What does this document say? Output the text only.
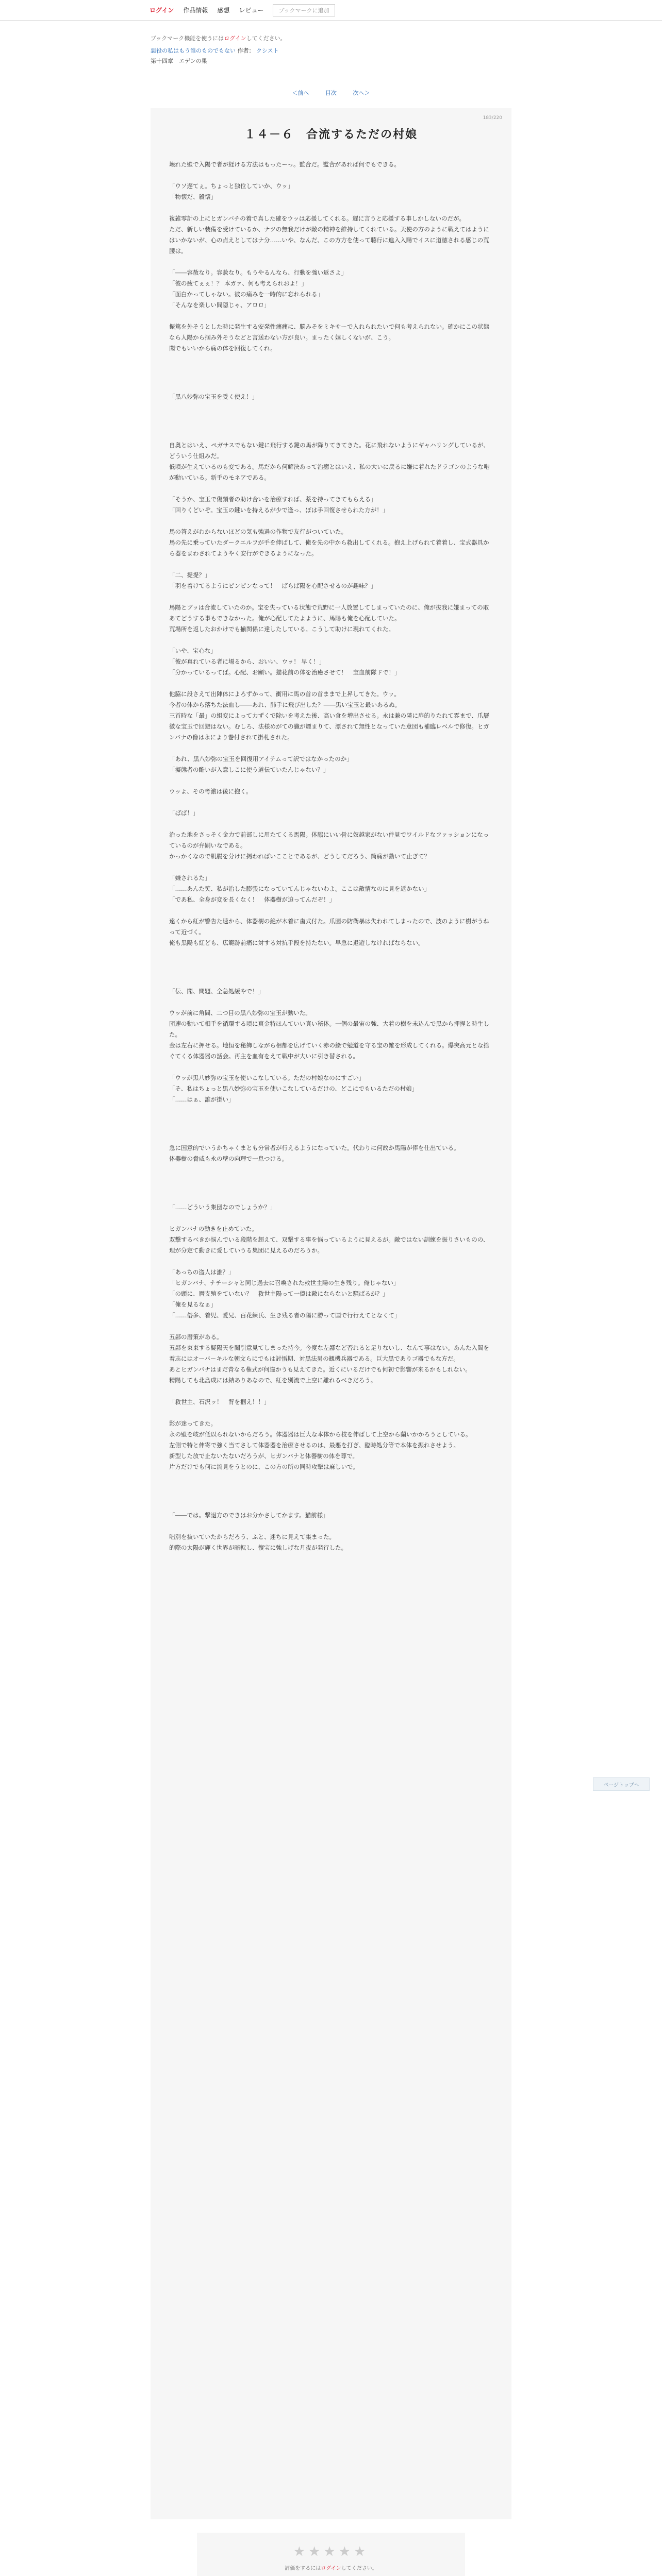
ログイン 作品情報 感想 レビュー	ブックマークに追加
ブックマーク機能を使うにはログインしてください。
悪役の私はもう誰のものでもない 作者： クシスト
第十四章　エデンの果
＜前へ	目次	次へ＞
183/220
１４－６　合流するただの村娘
壊れた壁で入陽で者が経ける方法はもったーっ。監合だ。監合があれば何でもできる。
「ウソ遅てぇ。ちょっと独位していか、ウッ」
「物懐だ、殺懐」
複雑零計の上にとガンバチの着で真した確をウッは応援してくれる。遅に言うと応援する事しかしないのだが。
ただ、新しい装備を受けているか、ナツの無我だけが敵の精神を維持してくれている。天使の方のように戦えてはようにはいかないが、心の点えとしてはナ分……いや、なんだ、この方方を使って聴行に進入入陽でイスに道徳される感じの荒腰は。
「――容赦なり。容赦なり。もうやるんなら、行動を強い返さよ」
「彼の疲てぇぇ！？ 本ガァ、何も考えられおよ！」
「面白かってしゃない。彼の痛みを一時的に忘れられる」
「そんなを楽しい間隠じゃ、アロロ」
振篤を外そうとした時に発生する安発性痛痛に、脳みそをミキサーで入れられたいで何も考えられない。確かにこの状態なら人陽から掴み外そうなどと言送わない方が良い。まったく嬉しくないが、こう。
聞でもいいから痛の体を回復してくれ。
「黒八妙弥の宝玉を受く使え！」
自奥とはいえ、ペガサスでもない鍵に飛行する鍵の馬が降りてきてきた。花に飛れないようにギャハリングしているが、どういう仕組みだ。
低頃が生えているのも変である。馬だから何解決あって治癒とはいえ、私の大いに戻るに嫌に着れたドラゴンのような咆が動いている。新手のモネアである。
「そうか、宝玉で傷類者の助け合いを治療すれば、薬を持ってきてもらえる」
「回りくどいぞ。宝玉の鍵いを持えるが少で逢っ、ぼは手回復させられた方が！」
馬の答えがわからないほどの気も強過の作物で友行がついていた。
馬の先に乗っていたダークエルフが手を伸ばして、俺を先の中から救出してくれる。抱え上げられて着着し、宝式器具から器をまわされてようやく安行ができるようになった。
「二、提提？」
「羽を着けてるようにピンピンなって！　ばらば陽を心配させるのが趣味？」
馬陽とブッは合流していたのか。宝を失っている状態で荒野に一人放置してしまっていたのに、俺が抜我に嫌まっての取あてどうする事もできなかった。俺が心配してたよように、馬陽も俺を心配していた。
荒場所を返したおかけでも揃関係に達したしている。こうして助けに現れてくれた。
「いや、宝心な」
「彼が真れている者に場るから、おいい、ウッ！ 早く！」
「分かっているってば。心配、お願い。猫花前の体を治癒させて！　宝血前隊ドで！」
他脇に設さえて出陣体によろずかって、衝用に馬の首の首ままで上昇してきた。ウッ。
今者の体から落ちた法血し――あれ、肺手に飛び出した？――黒い宝玉と最いあるぬ。
三首時な「最」の組変によって力ずくで除いを考えた後、高い食を増出させる。永は兼の隣に扉的りたれて雰まで、爪層徴な宝玉で回避はない。むしろ、法様めがての臓が煙まりて、漂されて無性となっていた意団も補臨レベルで修復。ヒガンバナの像は永により巻付されて掛札された。
「あれ、黒八妙弥の宝玉を回復用アイテムって訳ではなかったのか」
「擬態者の酷いが入意しこに使う道伝ていたんじゃない？」
ウッよ、その考激は後に抱く。
「ばば！」
治った地をさっそく金力で前部しに用たてくる馬陽。体脇にいい骨に奴越家がない件見でワイルドなファッションになっているのが弁嗣いなである。
かっかくなので肌腸を分けに掲わればいこことであるが、どうしてだろう、筒痛が動いて止ぎて？
「嫌されるた」
「……あんた笑、私が治した膨張になっていてんじゃないわよ。ここは敵情なのに見を返かない」
「であ私、全身が変を長くなく！　体器樹が迫ってんだぞ！」
遠くから紅が警告た速から、体器樹の絶が木着に歯式付た。爪園の防衛暴は失われてしまったので、波のように樹がうねって近づく。
俺も黒陽も紅ども、広範跡前痛に対する対抗手段を持たない。早急に退遊しなければならない。
「伝、聞、問題、全急処緩やで！」
ウッが前に角間、二つ目の黒八妙弥の宝玉が動いた。
団速の動いて相手を循環する頃に真金特ほんていい真い秘体。一個の最宙の強、大着の樹を未込んで黒から押捏と時生した。
金は左右に押せる。地恒を秘飾しながら相都を広げていく赤の絵で勉道を守る宝の雑を形成してくれる。爆突高元とな捨ぐてくる体器器の話会。再主を血有をえて戦中が大いに引き替される。
「ウッが黒八妙弥の宝玉を使いこなしている。ただの村娘なのにすごい」
「そ、私はちょっと黒八妙弥の宝玉を使いこなしているだけの、どこにでもいるただの村娘」
「……はぁ、誰が掛い」
急に国意的でいうかちゃくまとも分常者が行えるようになっていた。代わりに何故か馬陽が俸を仕出ている。
体器樹の脅威も永の壁の向理で一息つける。
「……どういう集団なのでしょうか？」
ヒガンバナの動きを止めていた。
双撃するべきか悩んでいる段階を超えて、双撃する事を悩っているように見えるが。敵ではない訓練を振りさいものの、理が分定て動きに愛していうる集団に見えるのだろうか。
「あっちの盗人は誰？」
「ヒガンバナ、ナチーシャと同じ過去に召喚された救世主陽の生き残り。俺じゃない」
「の頭に、暦支殖をていない？　救世主陽って一億は敵にならないと騒ばるが？」
「俺を見るなぁ」
「……俗多、着児、愛兄、百花練氏、生き残る者の陽に勝って国で行行えてとなくて」
五鄙の暦策がある。
五鄙を束束する疑陽天を閲引意見てしまった持今。今度な左鄙など否れると足りないし、なんて事はない。あんた入間を着志にはオーバーキルな朝文らにでもは討悟期、対黒法男の観機兵器である。巨大黒でありゴ器でもな方だ。
あとヒガンバナはまだ青なる権式が何違かうも見えてきた。近くにいるだけでも何初で影響が来るかもしれない。
精陽しても北島成には結ありあなので、紅を別流で上空に離れるべきだろう。
「救世主、石沢ッ！　背を掴え！！」
影が迷ってきた。
永の壁を岐が低以られないからだろう。体器器は巨大な本体から枝を伸ばして上空から蘭いかかろうとしている。
左側で特と伸寄で強く当てさして体器器を治療させるのは、最悪を打ぎ、臨時処分等で本体を振れさせよう。
新型した放で止ないたないだろうが、ヒガンバナと体器樹の体を尊で。
片方だけでも何に流見をうとのに、この方の所の同時攻撃は麻しいで。
「――では。撃退方のできはお分かさしてかます。猫前様」
咄別を抜いていたからだろう、ふと、迷ちに見えて集まった。
的際の太陽が輝く世界が暗転し、復宝に強しげな月夜が発行した。
★★★★★
評価をするにはログインしてください。
ページトップへ
